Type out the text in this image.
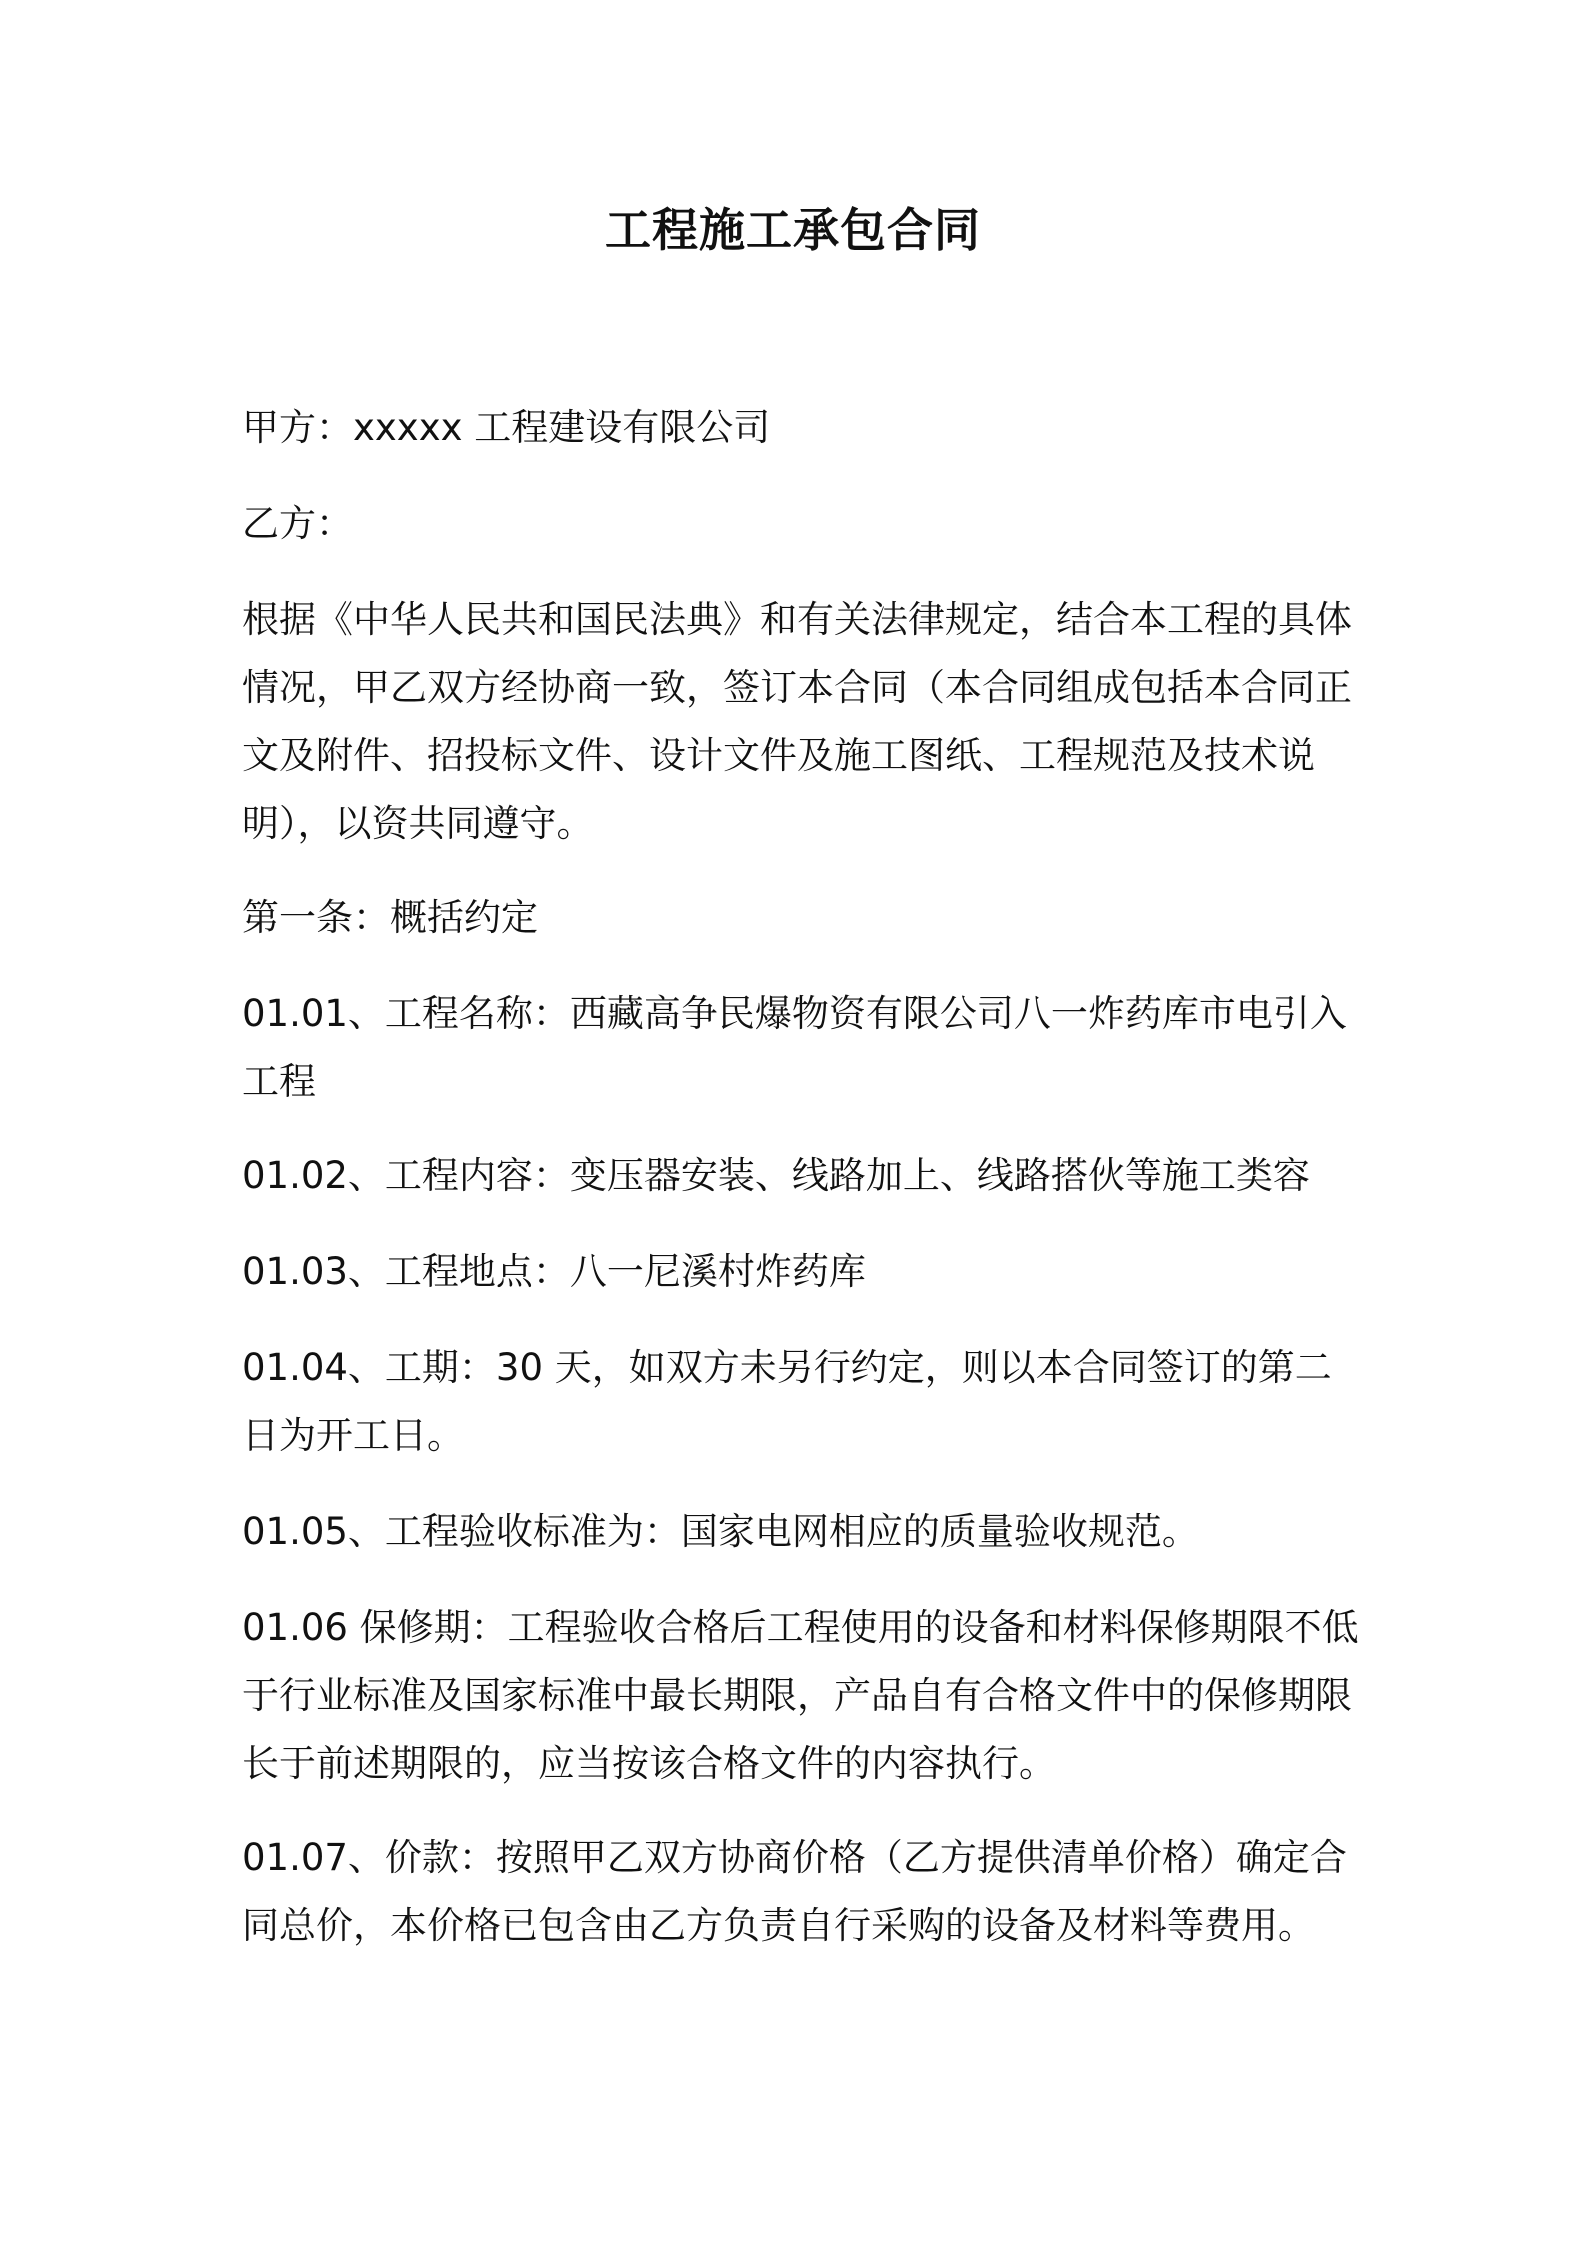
工程施工承包合同

甲方：xxxxx 工程建设有限公司

乙方：

根据《中华人民共和国民法典》和有关法律规定，结合本工程的具体情况，甲乙双方经协商一致，签订本合同（本合同组成包括本合同正文及附件、招投标文件、设计文件及施工图纸、工程规范及技术说明），以资共同遵守。

第一条：概括约定

01.01、工程名称：西藏高争民爆物资有限公司八一炸药库市电引入工程

01.02、工程内容：变压器安装、线路加上、线路搭伙等施工类容

01.03、工程地点：八一尼溪村炸药库

01.04、工期：30 天，如双方未另行约定，则以本合同签订的第二日为开工日。

01.05、工程验收标准为：国家电网相应的质量验收规范。

01.06 保修期：工程验收合格后工程使用的设备和材料保修期限不低于行业标准及国家标准中最长期限，产品自有合格文件中的保修期限长于前述期限的，应当按该合格文件的内容执行。

01.07、价款：按照甲乙双方协商价格（乙方提供清单价格）确定合同总价，本价格已包含由乙方负责自行采购的设备及材料等费用。
